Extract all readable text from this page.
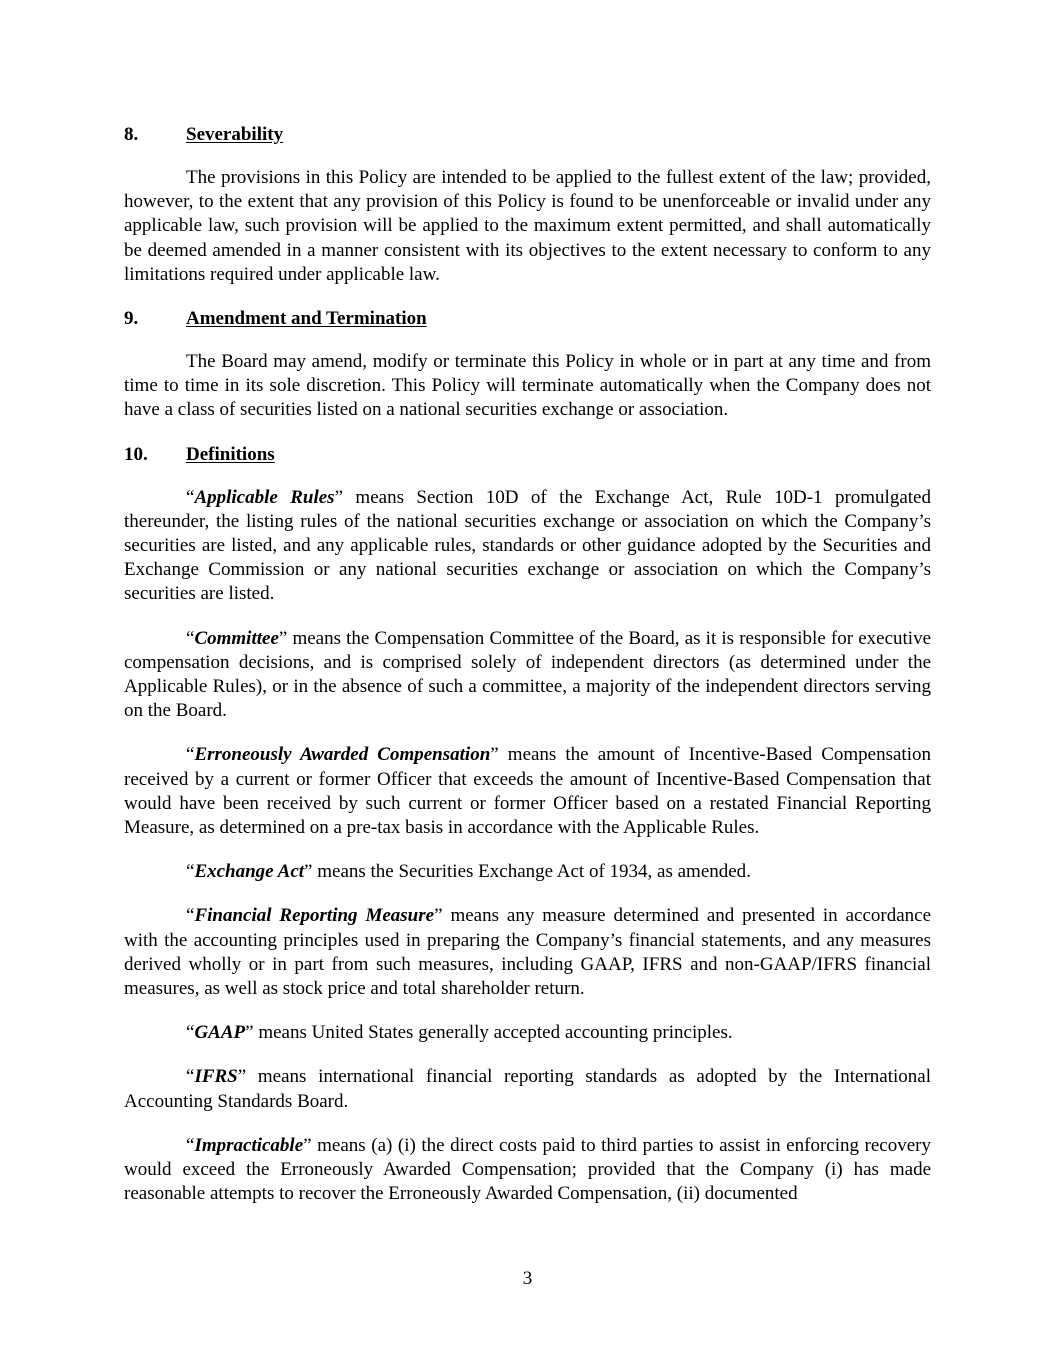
8.	Severability

The provisions in this Policy are intended to be applied to the fullest extent of the law; provided, however, to the extent that any provision of this Policy is found to be unenforceable or invalid under any applicable law, such provision will be applied to the maximum extent permitted, and shall automatically be deemed amended in a manner consistent with its objectives to the extent necessary to conform to any limitations required under applicable law.

9.	Amendment and Termination

The Board may amend, modify or terminate this Policy in whole or in part at any time and from time to time in its sole discretion. This Policy will terminate automatically when the Company does not have a class of securities listed on a national securities exchange or association.

10.	Definitions

“Applicable Rules” means Section 10D of the Exchange Act, Rule 10D-1 promulgated thereunder, the listing rules of the national securities exchange or association on which the Company’s securities are listed, and any applicable rules, standards or other guidance adopted by the Securities and Exchange Commission or any national securities exchange or association on which the Company’s securities are listed.

“Committee” means the Compensation Committee of the Board, as it is responsible for executive compensation decisions, and is comprised solely of independent directors (as determined under the Applicable Rules), or in the absence of such a committee, a majority of the independent directors serving on the Board.

“Erroneously Awarded Compensation” means the amount of Incentive-Based Compensation received by a current or former Officer that exceeds the amount of Incentive-Based Compensation that would have been received by such current or former Officer based on a restated Financial Reporting Measure, as determined on a pre-tax basis in accordance with the Applicable Rules.

“Exchange Act” means the Securities Exchange Act of 1934, as amended.

“Financial Reporting Measure” means any measure determined and presented in accordance with the accounting principles used in preparing the Company’s financial statements, and any measures derived wholly or in part from such measures, including GAAP, IFRS and non-GAAP/IFRS financial measures, as well as stock price and total shareholder return.

“GAAP” means United States generally accepted accounting principles.

“IFRS” means international financial reporting standards as adopted by the International Accounting Standards Board.

“Impracticable” means (a) (i) the direct costs paid to third parties to assist in enforcing recovery would exceed the Erroneously Awarded Compensation; provided that the Company (i) has made reasonable attempts to recover the Erroneously Awarded Compensation, (ii) documented

3
